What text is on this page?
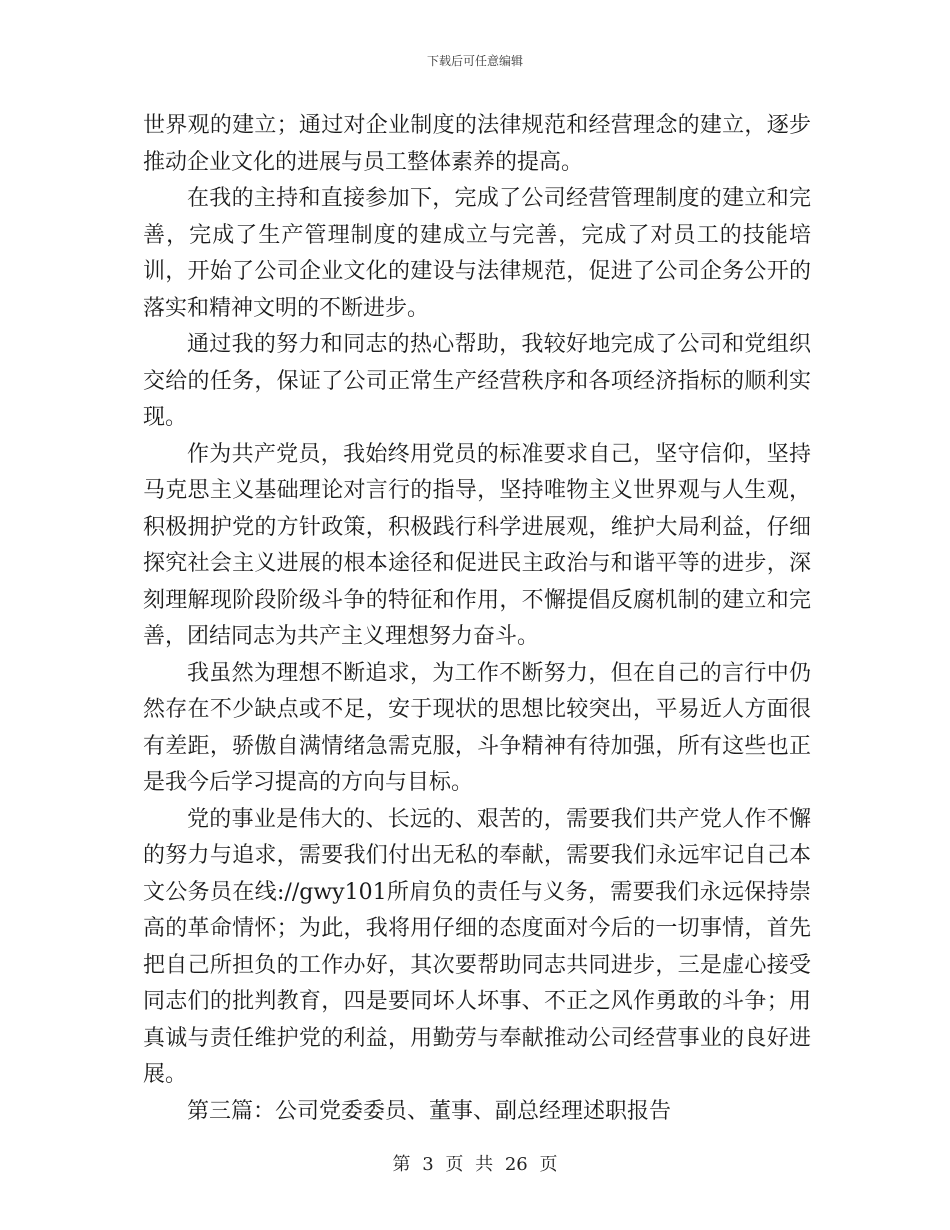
下载后可任意编辑

世界观的建立；通过对企业制度的法律规范和经营理念的建立，逐步推动企业文化的进展与员工整体素养的提高。

在我的主持和直接参加下，完成了公司经营管理制度的建立和完善，完成了生产管理制度的建成立与完善，完成了对员工的技能培训，开始了公司企业文化的建设与法律规范，促进了公司企务公开的落实和精神文明的不断进步。

通过我的努力和同志的热心帮助，我较好地完成了公司和党组织交给的任务，保证了公司正常生产经营秩序和各项经济指标的顺利实现。

作为共产党员，我始终用党员的标准要求自己，坚守信仰，坚持马克思主义基础理论对言行的指导，坚持唯物主义世界观与人生观，积极拥护党的方针政策，积极践行科学进展观，维护大局利益，仔细探究社会主义进展的根本途径和促进民主政治与和谐平等的进步，深刻理解现阶段阶级斗争的特征和作用，不懈提倡反腐机制的建立和完善，团结同志为共产主义理想努力奋斗。

我虽然为理想不断追求，为工作不断努力，但在自己的言行中仍然存在不少缺点或不足，安于现状的思想比较突出，平易近人方面很有差距，骄傲自满情绪急需克服，斗争精神有待加强，所有这些也正是我今后学习提高的方向与目标。

党的事业是伟大的、长远的、艰苦的，需要我们共产党人作不懈的努力与追求，需要我们付出无私的奉献，需要我们永远牢记自己本文公务员在线://gwy101所肩负的责任与义务，需要我们永远保持崇高的革命情怀；为此，我将用仔细的态度面对今后的一切事情，首先把自己所担负的工作办好，其次要帮助同志共同进步，三是虚心接受同志们的批判教育，四是要同坏人坏事、不正之风作勇敢的斗争；用真诚与责任维护党的利益，用勤劳与奉献推动公司经营事业的良好进展。

第三篇：公司党委委员、董事、副总经理述职报告

第 3 页 共 26 页
